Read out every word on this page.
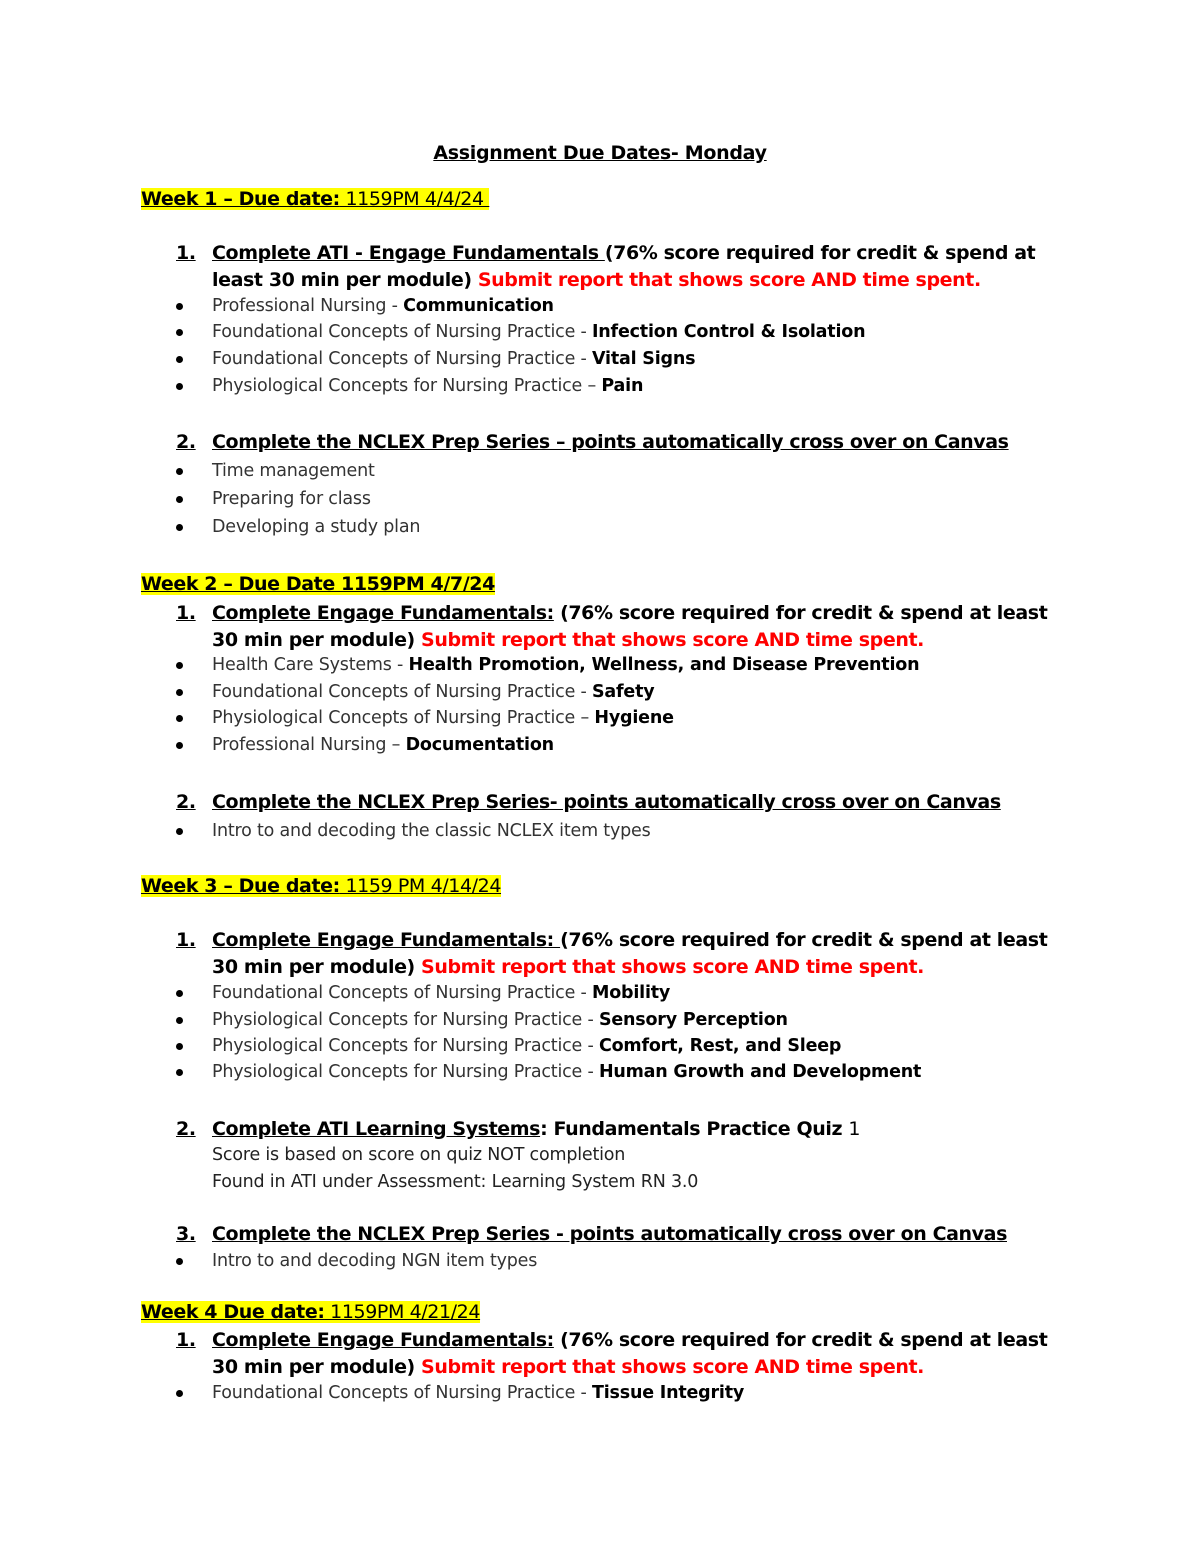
Assignment Due Dates- Monday
Week 1 – Due date: 1159PM 4/4/24
1. Complete ATI - Engage Fundamentals (76% score required for credit & spend at least 30 min per module) Submit report that shows score AND time spent.
Professional Nursing - Communication
Foundational Concepts of Nursing Practice - Infection Control & Isolation
Foundational Concepts of Nursing Practice - Vital Signs
Physiological Concepts for Nursing Practice – Pain
2. Complete the NCLEX Prep Series – points automatically cross over on Canvas
Time management
Preparing for class
Developing a study plan
Week 2 – Due Date 1159PM 4/7/24
1. Complete Engage Fundamentals: (76% score required for credit & spend at least 30 min per module) Submit report that shows score AND time spent.
Health Care Systems - Health Promotion, Wellness, and Disease Prevention
Foundational Concepts of Nursing Practice - Safety
Physiological Concepts of Nursing Practice – Hygiene
Professional Nursing – Documentation
2. Complete the NCLEX Prep Series- points automatically cross over on Canvas
Intro to and decoding the classic NCLEX item types
Week 3 – Due date: 1159 PM 4/14/24
1. Complete Engage Fundamentals: (76% score required for credit & spend at least 30 min per module) Submit report that shows score AND time spent.
Foundational Concepts of Nursing Practice - Mobility
Physiological Concepts for Nursing Practice - Sensory Perception
Physiological Concepts for Nursing Practice - Comfort, Rest, and Sleep
Physiological Concepts for Nursing Practice - Human Growth and Development
2. Complete ATI Learning Systems: Fundamentals Practice Quiz 1
Score is based on score on quiz NOT completion
Found in ATI under Assessment: Learning System RN 3.0
3. Complete the NCLEX Prep Series - points automatically cross over on Canvas
Intro to and decoding NGN item types
Week 4 Due date: 1159PM 4/21/24
1. Complete Engage Fundamentals: (76% score required for credit & spend at least 30 min per module) Submit report that shows score AND time spent.
Foundational Concepts of Nursing Practice - Tissue Integrity
